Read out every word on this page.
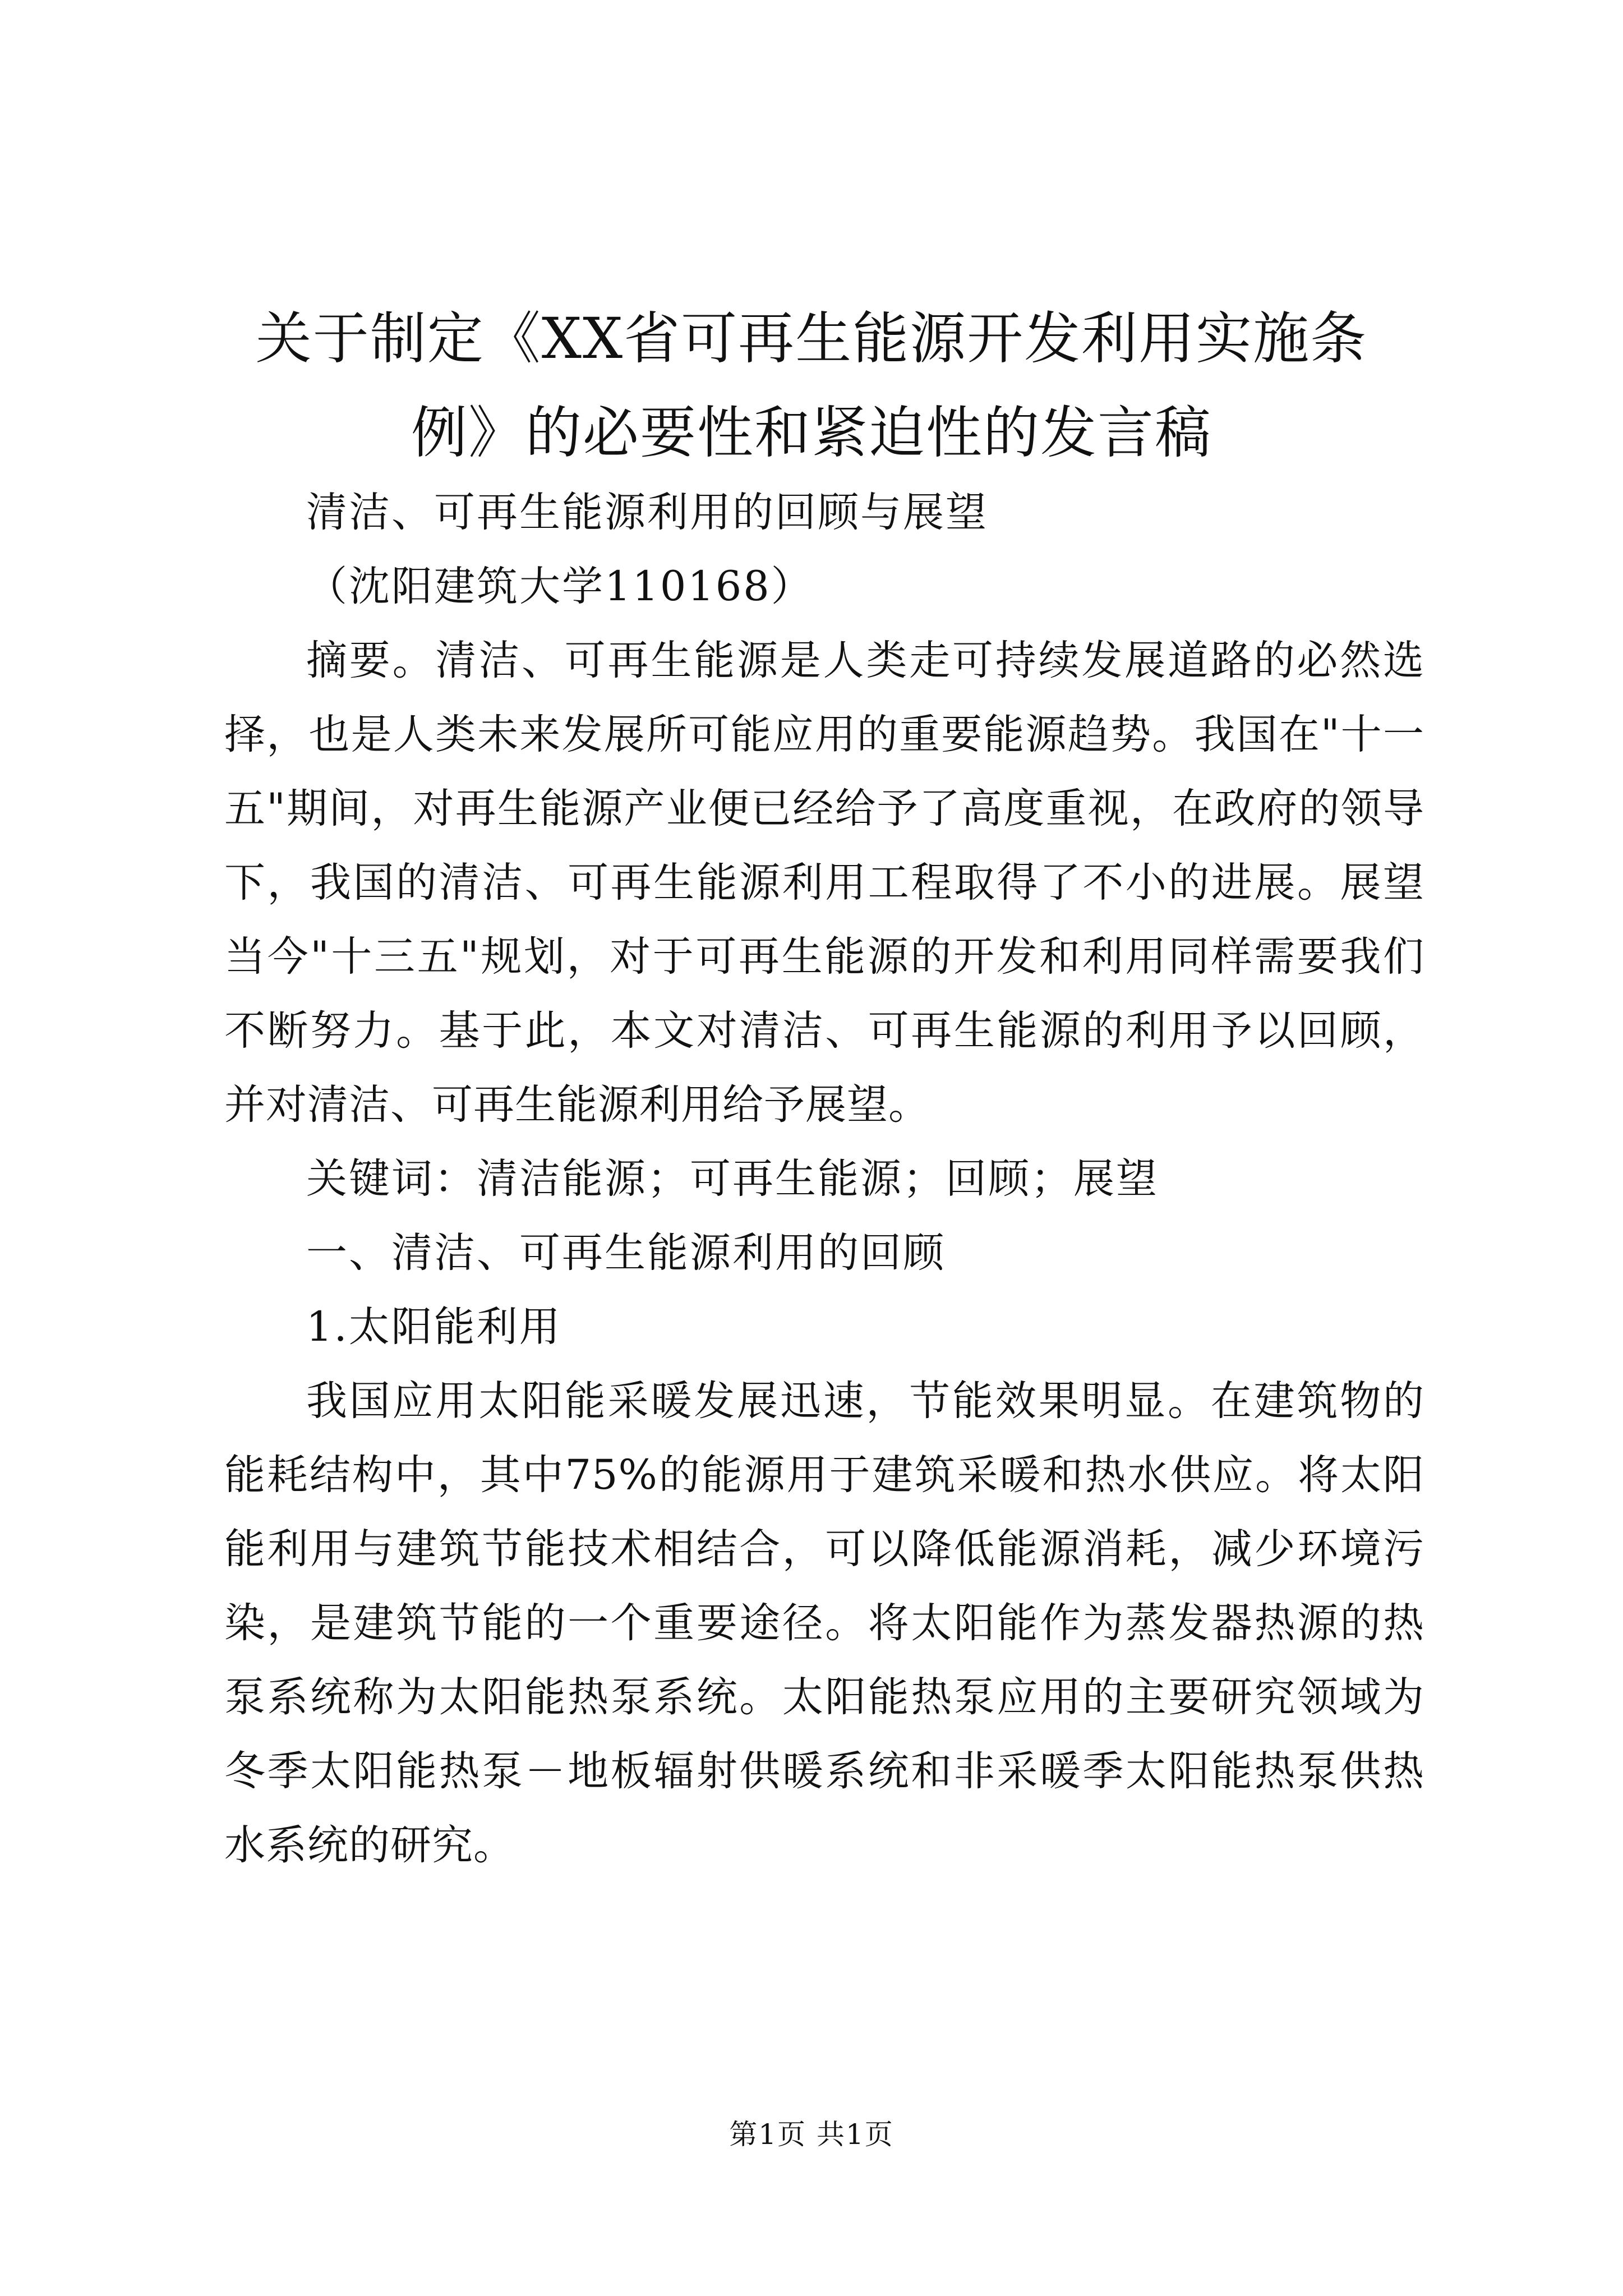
关于制定《XX省可再生能源开发利用实施条
例》的必要性和紧迫性的发言稿

清洁、可再生能源利用的回顾与展望

（沈阳建筑大学110168）

摘要。清洁、可再生能源是人类走可持续发展道路的必然选择，也是人类未来发展所可能应用的重要能源趋势。我国在"十一五"期间，对再生能源产业便已经给予了高度重视，在政府的领导下，我国的清洁、可再生能源利用工程取得了不小的进展。展望当今"十三五"规划，对于可再生能源的开发和利用同样需要我们不断努力。基于此，本文对清洁、可再生能源的利用予以回顾，并对清洁、可再生能源利用给予展望。

关键词：清洁能源；可再生能源；回顾；展望

一、清洁、可再生能源利用的回顾

1.太阳能利用

我国应用太阳能采暖发展迅速，节能效果明显。在建筑物的能耗结构中，其中75%的能源用于建筑采暖和热水供应。将太阳能利用与建筑节能技术相结合，可以降低能源消耗，减少环境污染，是建筑节能的一个重要途径。将太阳能作为蒸发器热源的热泵系统称为太阳能热泵系统。太阳能热泵应用的主要研究领域为冬季太阳能热泵－地板辐射供暖系统和非采暖季太阳能热泵供热水系统的研究。

第1页 共1页
